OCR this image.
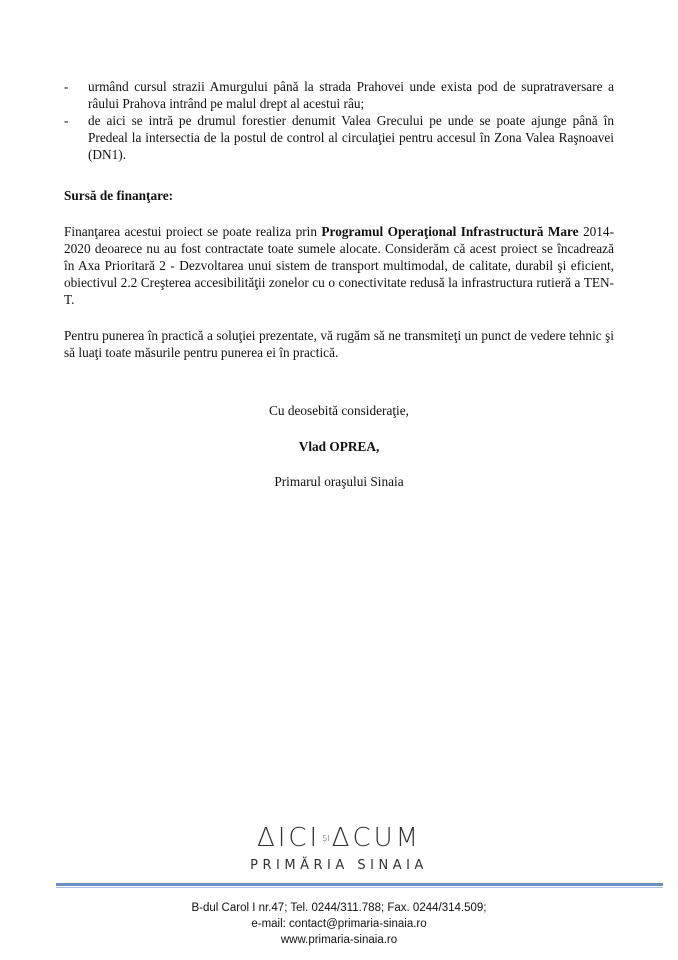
- urmând cursul strazii Amurgului până la strada Prahovei unde exista pod de supratraversare a râului Prahova intrând pe malul drept al acestui râu;
- de aici se intră pe drumul forestier denumit Valea Grecului pe unde se poate ajunge până în Predeal la intersectia de la postul de control al circulaţiei pentru accesul în Zona Valea Raşnoavei (DN1).
Sursă de finanţare:

Finanţarea acestui proiect se poate realiza prin Programul Operaţional Infrastructură Mare 2014-2020 deoarece nu au fost contractate toate sumele alocate. Considerăm că acest proiect se încadrează în Axa Prioritară 2 - Dezvoltarea unui sistem de transport multimodal, de calitate, durabil şi eficient, obiectivul 2.2 Creşterea accesibilităţii zonelor cu o conectivitate redusă la infrastructura rutieră a TEN-T.

Pentru punerea în practică a soluţiei prezentate, vă rugăm să ne transmiteţi un punct de vedere tehnic şi să luaţi toate măsurile pentru punerea ei în practică.

Cu deosebită consideraţie,
Vlad OPREA,
Primarul oraşului Sinaia
ΔICI ȘIΔCUM
PRIMĂRIA SINAIA
B-dul Carol I nr.47; Tel. 0244/311.788; Fax. 0244/314.509;
e-mail: contact@primaria-sinaia.ro
www.primaria-sinaia.ro
